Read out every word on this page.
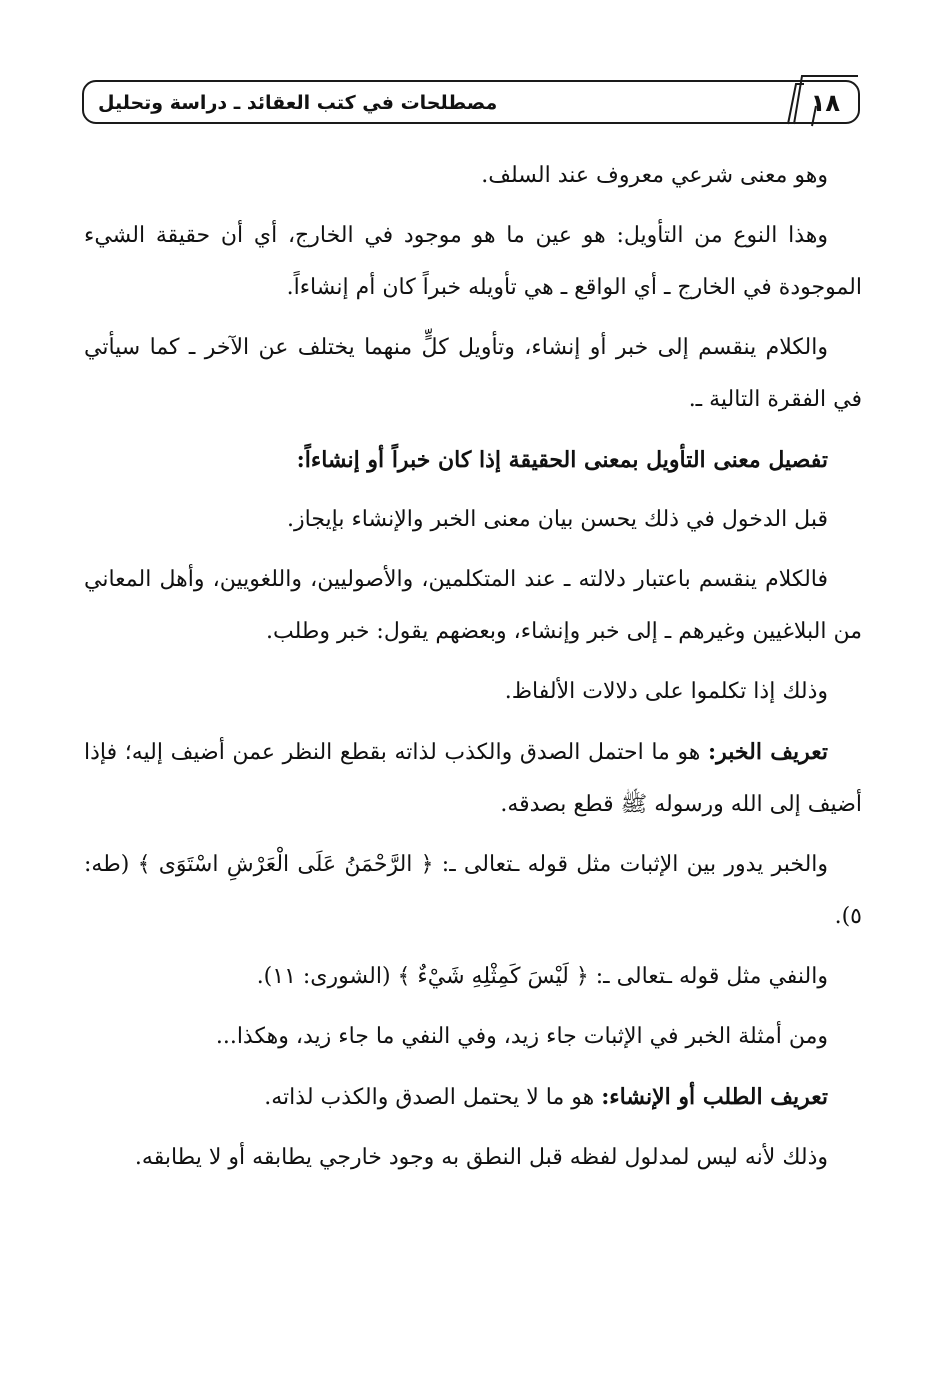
مصطلحات في كتب العقائد ـ دراسة وتحليل	١٨

وهو معنى شرعي معروف عند السلف.

وهذا النوع من التأويل: هو عين ما هو موجود في الخارج، أي أن حقيقة الشيء الموجودة في الخارج ـ أي الواقع ـ هي تأويله خبراً كان أم إنشاءاً.

والكلام ينقسم إلى خبر أو إنشاء، وتأويل كلٍّ منهما يختلف عن الآخر ـ كما سيأتي في الفقرة التالية ـ.

تفصيل معنى التأويل بمعنى الحقيقة إذا كان خبراً أو إنشاءاً:

قبل الدخول في ذلك يحسن بيان معنى الخبر والإنشاء بإيجاز.

فالكلام ينقسم باعتبار دلالته ـ عند المتكلمين، والأصوليين، واللغويين، وأهل المعاني من البلاغيين وغيرهم ـ إلى خبر وإنشاء، وبعضهم يقول: خبر وطلب.

وذلك إذا تكلموا على دلالات الألفاظ.

تعريف الخبر: هو ما احتمل الصدق والكذب لذاته بقطع النظر عمن أضيف إليه؛ فإذا أضيف إلى الله ورسوله ﷺ قطع بصدقه.

والخبر يدور بين الإثبات مثل قوله ـتعالى ـ: ﴿ الرَّحْمَنُ عَلَى الْعَرْشِ اسْتَوَى ﴾ (طه: ٥).

والنفي مثل قوله ـتعالى ـ: ﴿ لَيْسَ كَمِثْلِهِ شَيْءٌ ﴾ (الشورى: ١١).

ومن أمثلة الخبر في الإثبات جاء زيد، وفي النفي ما جاء زيد، وهكذا...

تعريف الطلب أو الإنشاء: هو ما لا يحتمل الصدق والكذب لذاته.

وذلك لأنه ليس لمدلول لفظه قبل النطق به وجود خارجي يطابقه أو لا يطابقه.
